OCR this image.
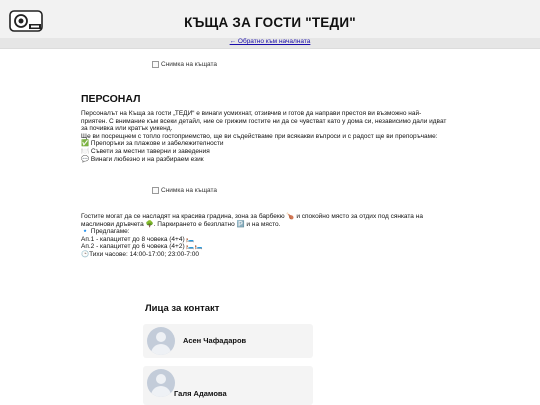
КЪЩА ЗА ГОСТИ "ТЕДИ"
← Обратно към началната
Снимка на къщата
ПЕРСОНАЛ
Персоналът на Къща за гости „ТЕДИ“ е винаги усмихнат, отзивчив и готов да направи престоя ви възможно най-
приятен. С внимание към всеки детайл, ние се грижим гостите ни да се чувстват като у дома си, независимо дали идват
за почивка или кратък уикенд.
Ще ви посрещнем с топло гостоприемство, ще ви съдействаме при всякакви въпроси и с радост ще ви препоръчаме:
✅ Препоръки за плажове и забележителности
🍽️ Съвети за местни таверни и заведения
💬 Винаги любезно и на разбираем език
Снимка на къщата
Гостите могат да се насладят на красива градина, зона за барбекю 🍗 и спокойно място за отдих под сянката на
маслинови дръвчета 🌳. Паркирането е безплатно 🅿️ и на място.
🔹 Предлагаме:
Ап.1 - капацитет до 8 човека (4+4) 🛏️
Ап.2 - капацитет до 6 човека (4+2) 🛏️🛏️
🕒Тихи часове: 14:00-17:00; 23:00-7:00
Лица за контакт
Асен Чафадаров
Галя Адамова
